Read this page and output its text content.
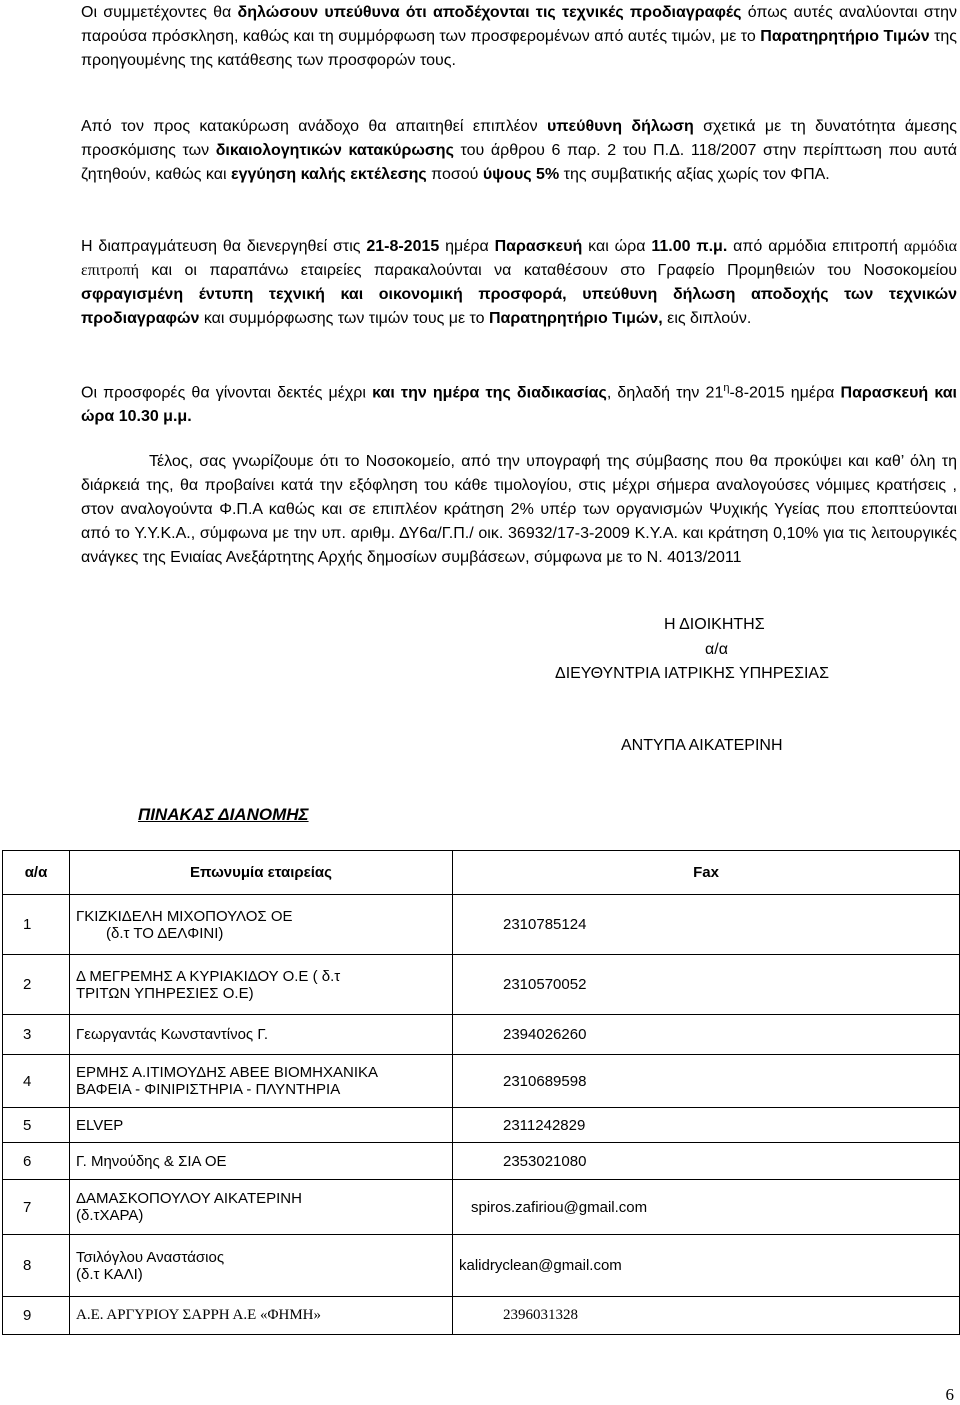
Οι συμμετέχοντες θα δηλώσουν υπεύθυνα ότι αποδέχονται τις τεχνικές προδιαγραφές όπως αυτές αναλύονται στην παρούσα πρόσκληση, καθώς και τη συμμόρφωση των προσφερομένων από αυτές τιμών, με το Παρατηρητήριο Τιμών της προηγουμένης της κατάθεσης των προσφορών τους.

Από τον προς κατακύρωση ανάδοχο θα απαιτηθεί επιπλέον υπεύθυνη δήλωση σχετικά με τη δυνατότητα άμεσης προσκόμισης των δικαιολογητικών κατακύρωσης του άρθρου 6 παρ. 2 του Π.Δ. 118/2007 στην περίπτωση που αυτά ζητηθούν, καθώς και εγγύηση καλής εκτέλεσης ποσού ύψους 5% της συμβατικής αξίας χωρίς τον ΦΠΑ.

Η διαπραγμάτευση θα διενεργηθεί στις 21-8-2015 ημέρα Παρασκευή και ώρα 11.00 π.μ. από αρμόδια επιτροπή αρμόδια επιτροπή και οι παραπάνω εταιρείες παρακαλούνται να καταθέσουν στο Γραφείο Προμηθειών του Νοσοκομείου σφραγισμένη έντυπη τεχνική και οικονομική προσφορά, υπεύθυνη δήλωση αποδοχής των τεχνικών προδιαγραφών και συμμόρφωσης των τιμών τους με το Παρατηρητήριο Τιμών, εις διπλούν.

Οι προσφορές θα γίνονται δεκτές μέχρι και την ημέρα της διαδικασίας, δηλαδή την $21^\eta-8-2015$ ημέρα Παρασκευή και ώρα 10.30 μ.μ.

Τέλος, σας γνωρίζουμε ότι το Νοσοκομείο, από την υπογραφή της σύμβασης που θα προκύψει και καθ’ όλη τη διάρκειά της, θα προβαίνει κατά την εξόφληση του κάθε τιμολογίου, στις μέχρι σήμερα αναλογούσες νόμιμες κρατήσεις , στον αναλογούντα Φ.Π.Α καθώς και σε επιπλέον κράτηση 2% υπέρ των οργανισμών Ψυχικής Υγείας που εποπτεύονται από το Υ.Υ.Κ.Α., σύμφωνα με την υπ. αριθμ. ΔΥ6α/Γ.Π./ οικ. 36932/17-3-2009 Κ.Υ.Α. και κράτηση 0,10% για τις λειτουργικές ανάγκες της Ενιαίας Ανεξάρτητης Αρχής δημοσίων συμβάσεων, σύμφωνα με το Ν. 4013/2011

Η ΔΙΟΙΚΗΤΗΣ
α/α
ΔΙΕΥΘΥΝΤΡΙΑ ΙΑΤΡΙΚΗΣ ΥΠΗΡΕΣΙΑΣ
ΑΝΤΥΠΑ ΑΙΚΑΤΕΡΙΝΗ
ΠΙΝΑΚΑΣ ΔΙΑΝΟΜΗΣ
α/α	Επωνυμία εταιρείας	Fax
1	ΓΚΙΖΚΙΔΕΛΗ ΜΙΧΟΠΟΥΛΟΣ ΟΕ
(δ.τ ΤΟ ΔΕΛΦΙΝΙ)	2310785124
2	Δ ΜΕΓΡΕΜΗΣ Α ΚΥΡΙΑΚΙΔΟΥ Ο.Ε ( δ.τ
ΤΡΙΤΩΝ ΥΠΗΡΕΣΙΕΣ Ο.Ε)	2310570052
3	Γεωργαντάς Κωνσταντίνος Γ.	2394026260
4	ΕΡΜΗΣ Α.ΙΤΙΜΟΥΔΗΣ ΑΒΕΕ ΒΙΟΜΗΧΑΝΙΚΑ
ΒΑΦΕΙΑ - ΦΙΝΙΡΙΣΤΗΡΙΑ - ΠΛΥΝΤΗΡΙΑ	2310689598
5	ELVEP	2311242829
6	Γ. Μηνούδης & ΣΙΑ ΟΕ	2353021080
7	ΔΑΜΑΣΚΟΠΟΥΛΟΥ ΑΙΚΑΤΕΡΙΝΗ
(δ.τΧΑΡΑ)	spiros.zafiriou@gmail.com
8	Τσιλόγλου Αναστάσιος
(δ.τ ΚΑΛΙ)	kalidryclean@gmail.com
9	Α.Ε. ΑΡΓΥΡΙΟΥ ΣΑΡΡΗ Α.Ε «ΦΗΜΗ»	2396031328
6
